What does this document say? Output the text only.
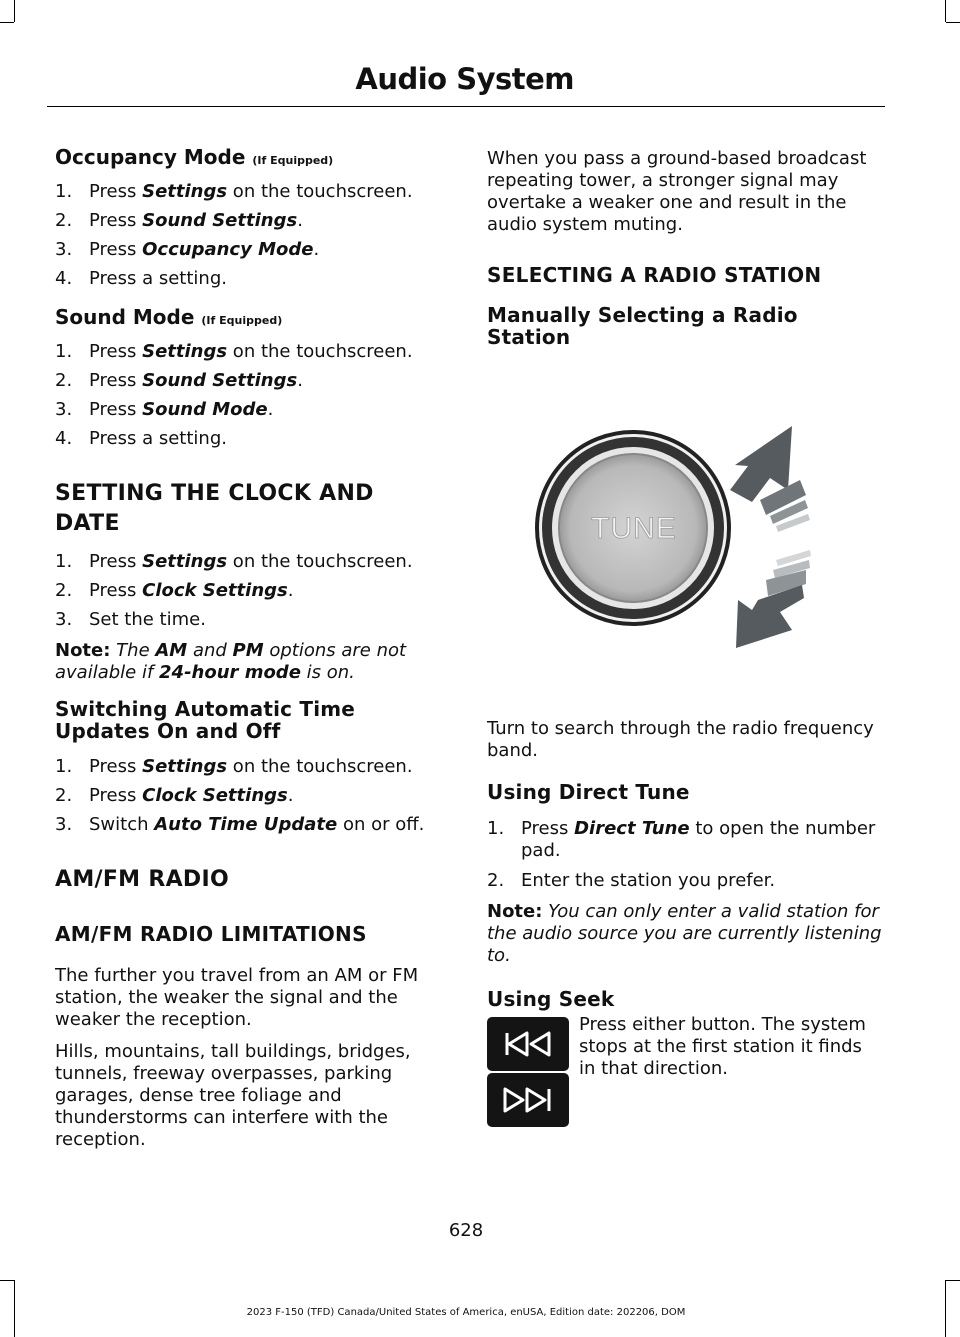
Audio System
Occupancy Mode (If Equipped)
1. Press Settings on the touchscreen.
2. Press Sound Settings.
3. Press Occupancy Mode.
4. Press a setting.
Sound Mode (If Equipped)
1. Press Settings on the touchscreen.
2. Press Sound Settings.
3. Press Sound Mode.
4. Press a setting.
SETTING THE CLOCK AND
DATE
1. Press Settings on the touchscreen.
2. Press Clock Settings.
3. Set the time.

Note: The AM and PM options are not available if 24-hour mode is on.

Switching Automatic Time
Updates On and Off
1. Press Settings on the touchscreen.
2. Press Clock Settings.
3. Switch Auto Time Update on or off.
AM/FM RADIO
AM/FM RADIO LIMITATIONS

The further you travel from an AM or FM station, the weaker the signal and the weaker the reception.

Hills, mountains, tall buildings, bridges, tunnels, freeway overpasses, parking garages, dense tree foliage and thunderstorms can interfere with the reception.

When you pass a ground-based broadcast repeating tower, a stronger signal may overtake a weaker one and result in the audio system muting.

SELECTING A RADIO STATION
Manually Selecting a Radio
Station
TUNE

Turn to search through the radio frequency band.

Using Direct Tune
1. Press Direct Tune to open the number pad.
2. Enter the station you prefer.

Note: You can only enter a valid station for the audio source you are currently listening to.

Using Seek

Press either button. The system stops at the first station it finds in that direction.

628
2023 F-150 (TFD) Canada/United States of America, enUSA, Edition date: 202206, DOM
